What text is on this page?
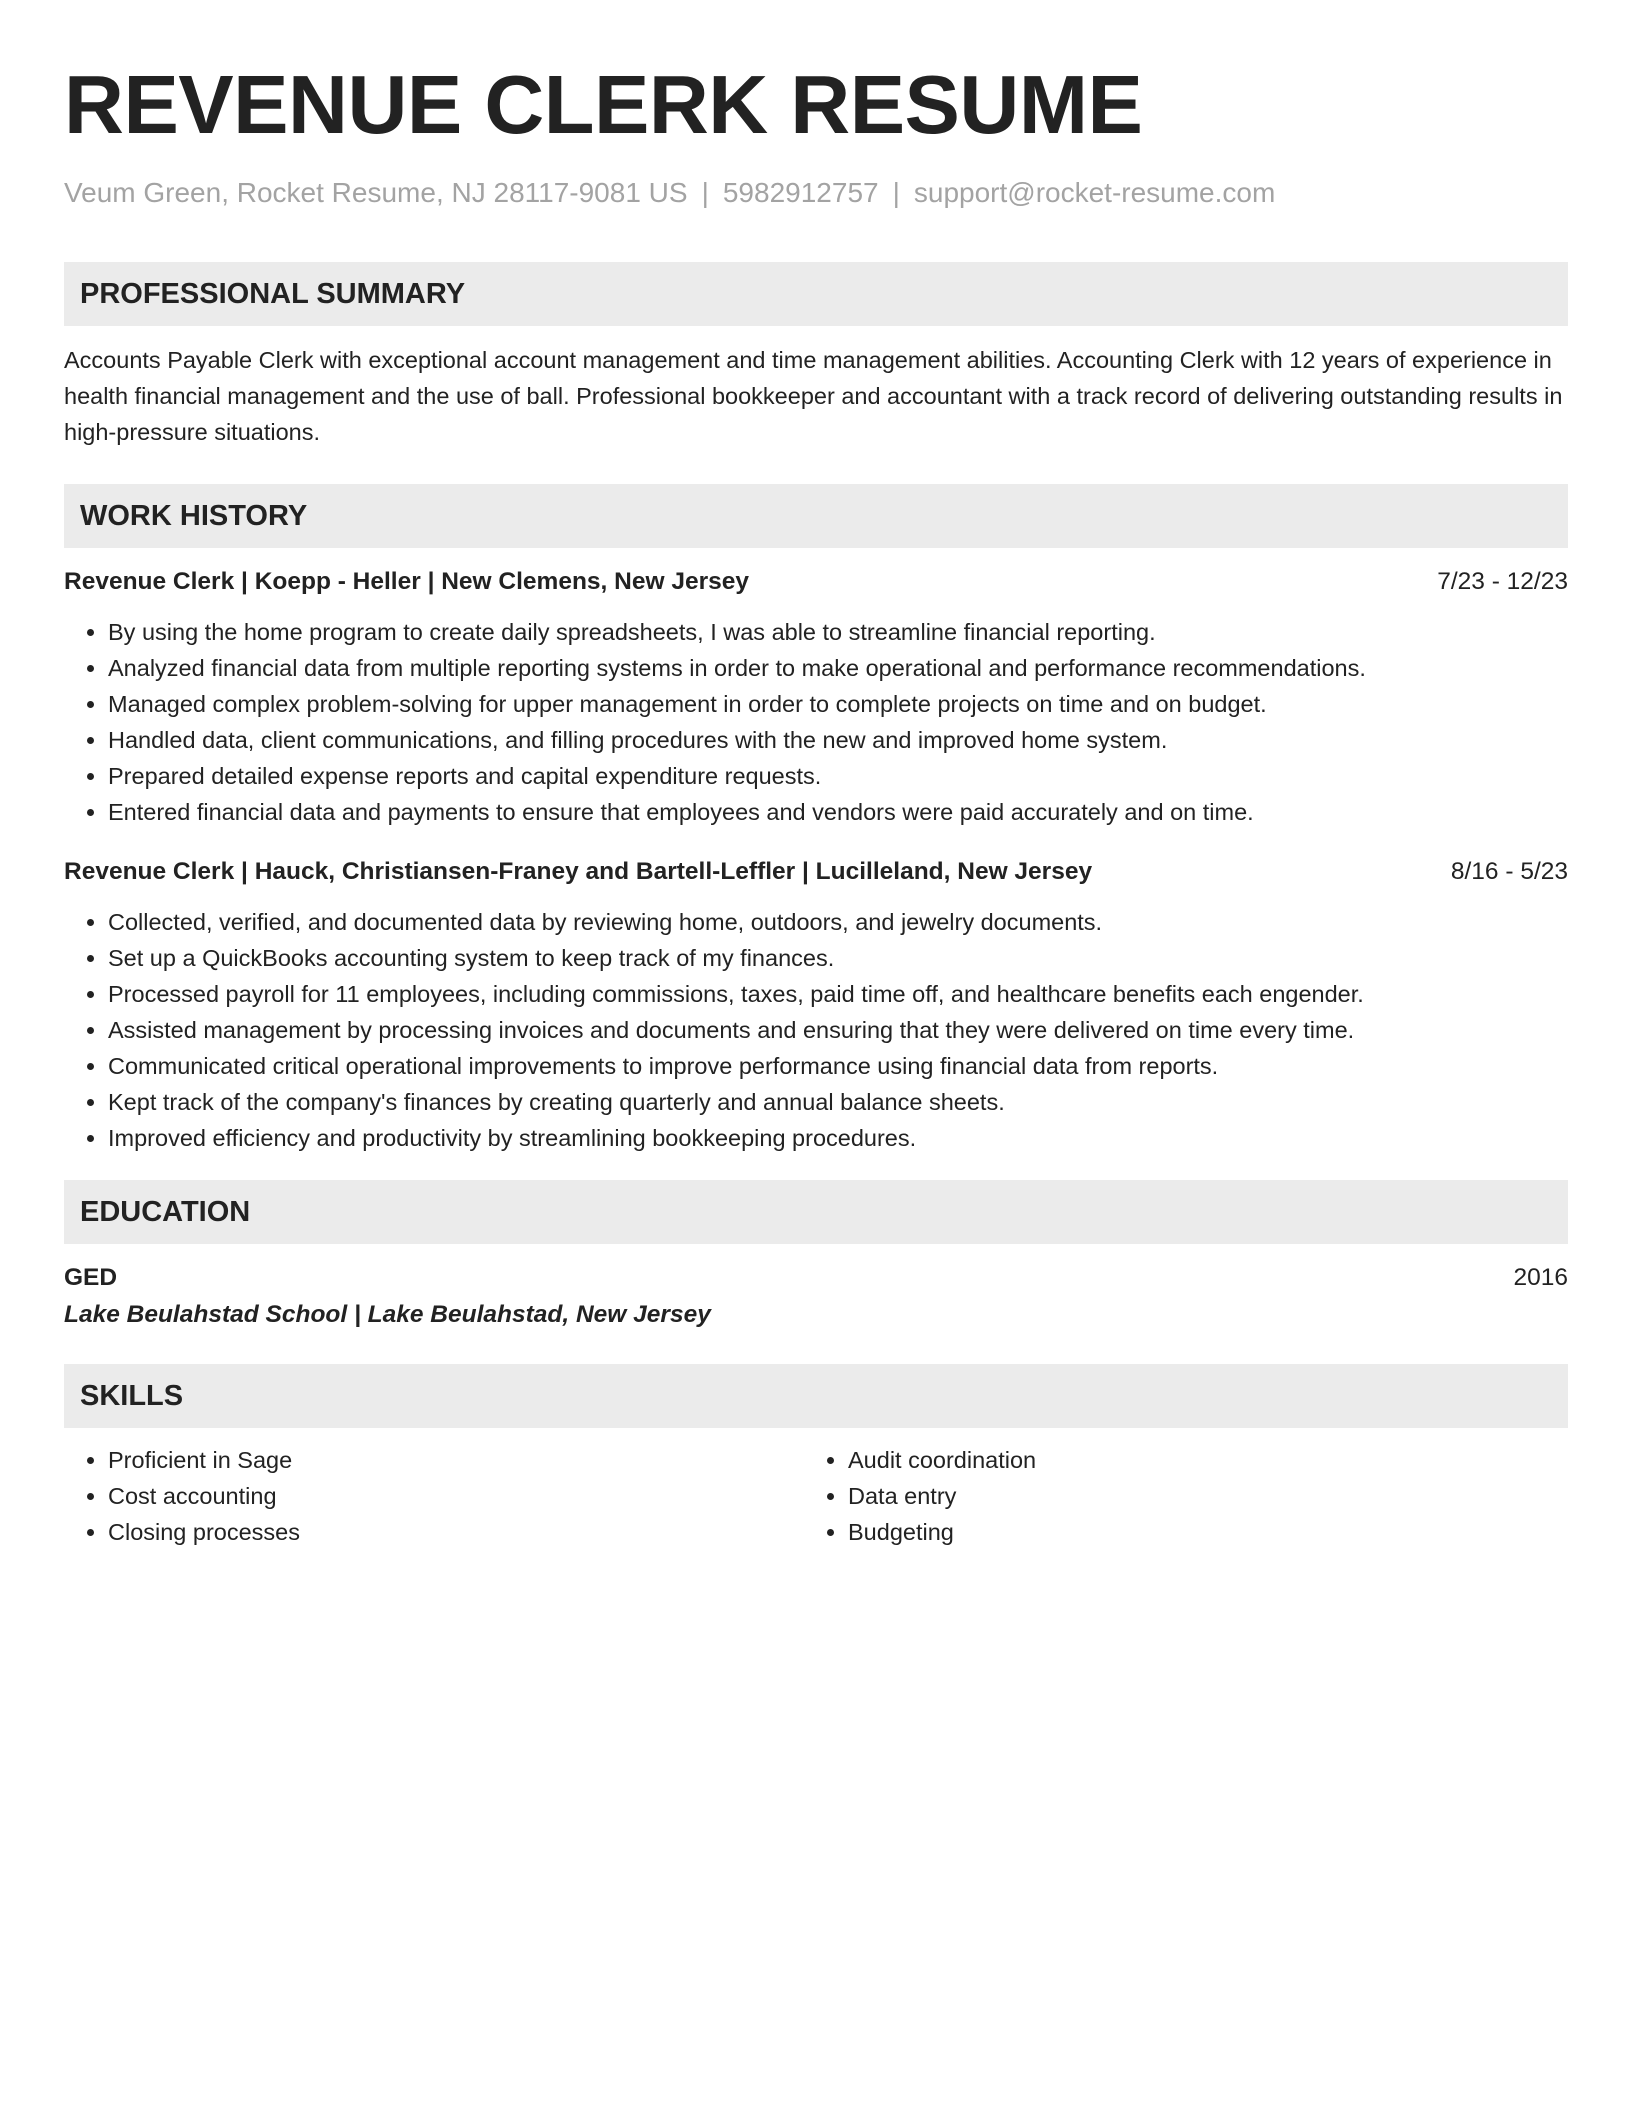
REVENUE CLERK RESUME
Veum Green, Rocket Resume, NJ 28117-9081 US | 5982912757 | support@rocket-resume.com
PROFESSIONAL SUMMARY
Accounts Payable Clerk with exceptional account management and time management abilities. Accounting Clerk with 12 years of experience in health financial management and the use of ball. Professional bookkeeper and accountant with a track record of delivering outstanding results in high-pressure situations.
WORK HISTORY
Revenue Clerk | Koepp - Heller | New Clemens, New Jersey	7/23 - 12/23
• By using the home program to create daily spreadsheets, I was able to streamline financial reporting.
• Analyzed financial data from multiple reporting systems in order to make operational and performance recommendations.
• Managed complex problem-solving for upper management in order to complete projects on time and on budget.
• Handled data, client communications, and filling procedures with the new and improved home system.
• Prepared detailed expense reports and capital expenditure requests.
• Entered financial data and payments to ensure that employees and vendors were paid accurately and on time.
Revenue Clerk | Hauck, Christiansen-Franey and Bartell-Leffler | Lucilleland, New Jersey	8/16 - 5/23
• Collected, verified, and documented data by reviewing home, outdoors, and jewelry documents.
• Set up a QuickBooks accounting system to keep track of my finances.
• Processed payroll for 11 employees, including commissions, taxes, paid time off, and healthcare benefits each engender.
• Assisted management by processing invoices and documents and ensuring that they were delivered on time every time.
• Communicated critical operational improvements to improve performance using financial data from reports.
• Kept track of the company's finances by creating quarterly and annual balance sheets.
• Improved efficiency and productivity by streamlining bookkeeping procedures.
EDUCATION
GED	2016
Lake Beulahstad School | Lake Beulahstad, New Jersey
SKILLS
• Proficient in Sage
• Cost accounting
• Closing processes
• Audit coordination
• Data entry
• Budgeting
